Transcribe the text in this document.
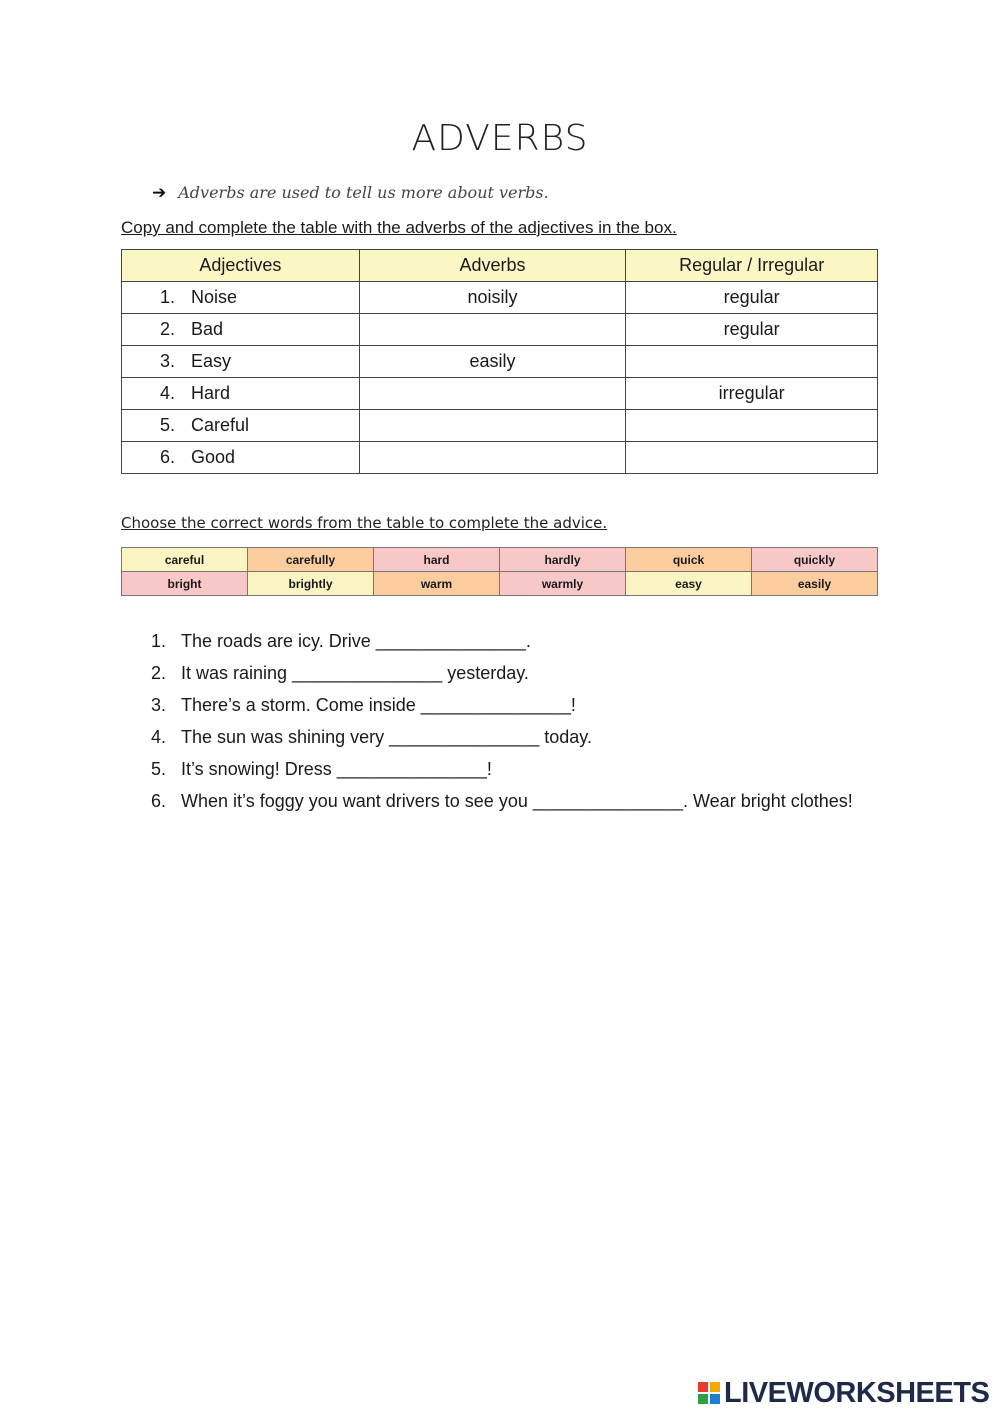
ADVERBS
➔ Adverbs are used to tell us more about verbs.
Copy and complete the table with the adverbs of the adjectives in the box.
Adjectives	Adverbs	Regular / Irregular
1. Noise	noisily	regular
2. Bad		regular
3. Easy	easily	
4. Hard		irregular
5. Careful		
6. Good		
Choose the correct words from the table to complete the advice.
careful	carefully	hard	hardly	quick	quickly
bright	brightly	warm	warmly	easy	easily
1. The roads are icy. Drive _______________.
2. It was raining _______________ yesterday.
3. There’s a storm. Come inside _______________!
4. The sun was shining very _______________ today.
5. It’s snowing! Dress _______________!
6. When it’s foggy you want drivers to see you _______________. Wear bright clothes!
LIVEWORKSHEETS
